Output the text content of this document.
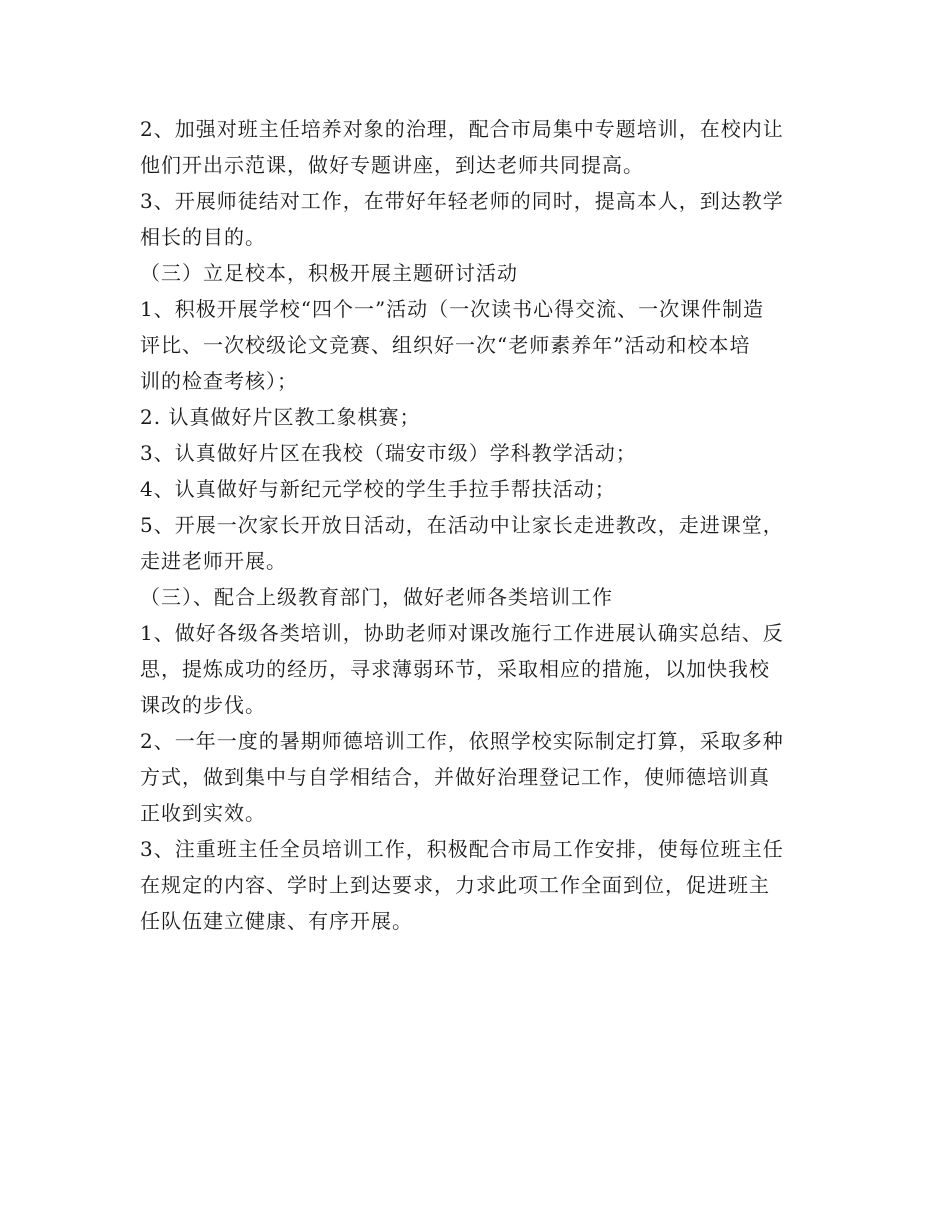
2、加强对班主任培养对象的治理，配合市局集中专题培训，在校内让
他们开出示范课，做好专题讲座，到达老师共同提高。
3、开展师徒结对工作，在带好年轻老师的同时，提高本人，到达教学
相长的目的。
（三）立足校本，积极开展主题研讨活动
1、积极开展学校“四个一”活动（一次读书心得交流、一次课件制造
评比、一次校级论文竞赛、组织好一次“老师素养年”活动和校本培
训的检查考核）；
2. 认真做好片区教工象棋赛；
3、认真做好片区在我校（瑞安市级）学科教学活动；
4、认真做好与新纪元学校的学生手拉手帮扶活动；
5、开展一次家长开放日活动，在活动中让家长走进教改，走进课堂，
走进老师开展。
（三）、配合上级教育部门，做好老师各类培训工作
1、做好各级各类培训，协助老师对课改施行工作进展认确实总结、反
思，提炼成功的经历，寻求薄弱环节，采取相应的措施，以加快我校
课改的步伐。
2、一年一度的暑期师德培训工作，依照学校实际制定打算，采取多种
方式，做到集中与自学相结合，并做好治理登记工作，使师德培训真
正收到实效。
3、注重班主任全员培训工作，积极配合市局工作安排，使每位班主任
在规定的内容、学时上到达要求，力求此项工作全面到位，促进班主
任队伍建立健康、有序开展。
